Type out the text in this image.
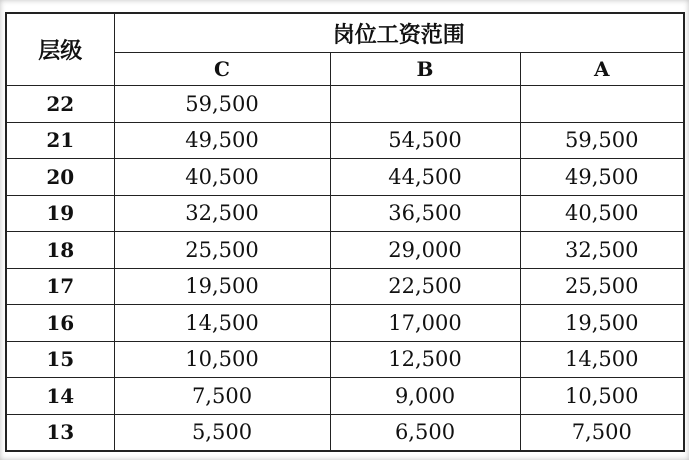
层级	岗位工资范围		
	C	B	A
22	59,500		
21	49,500	54,500	59,500
20	40,500	44,500	49,500
19	32,500	36,500	40,500
18	25,500	29,000	32,500
17	19,500	22,500	25,500
16	14,500	17,000	19,500
15	10,500	12,500	14,500
14	7,500	9,000	10,500
13	5,500	6,500	7,500
